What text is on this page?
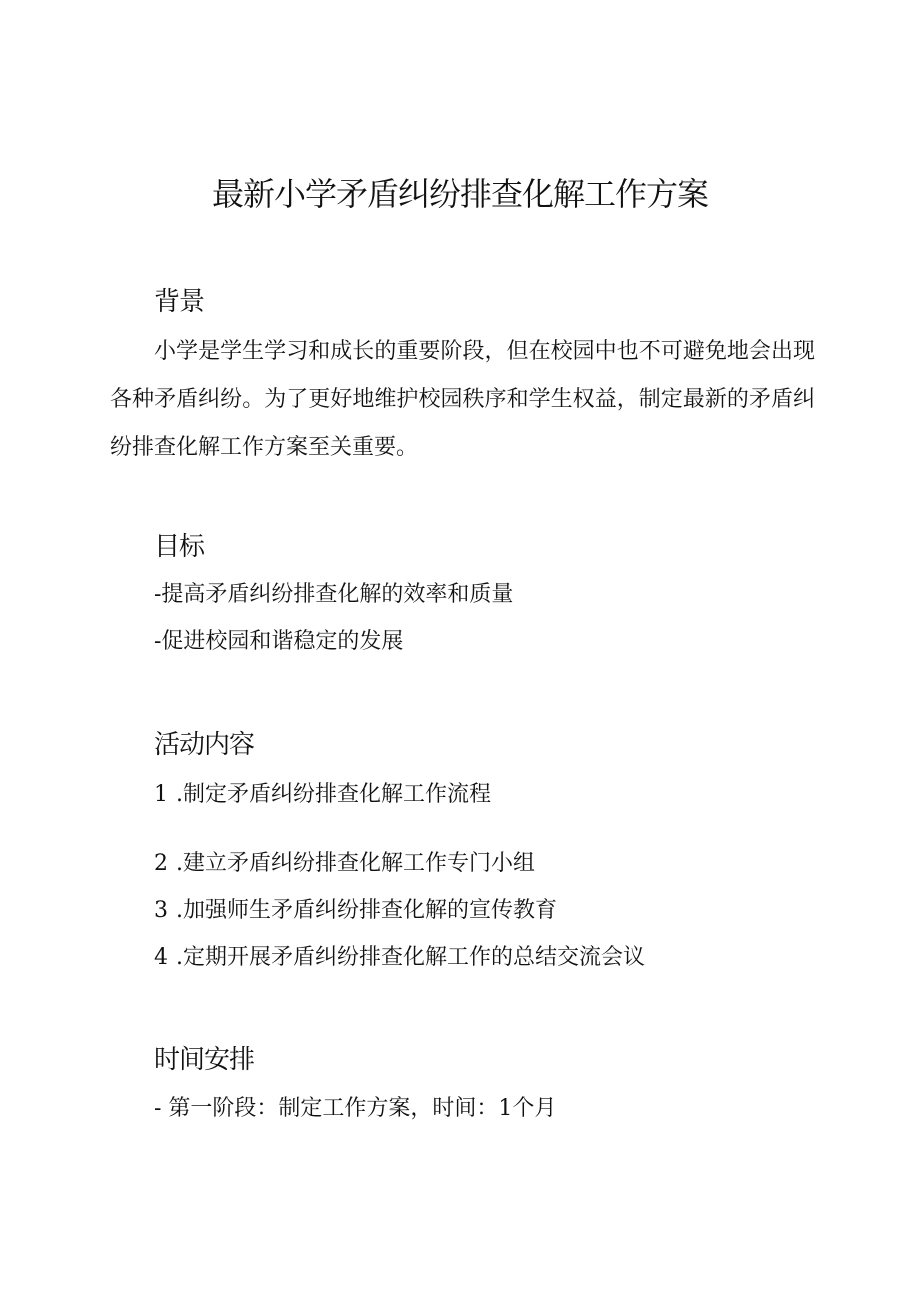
最新小学矛盾纠纷排查化解工作方案
背景
小学是学生学习和成长的重要阶段，但在校园中也不可避免地会出现各种矛盾纠纷。为了更好地维护校园秩序和学生权益，制定最新的矛盾纠纷排查化解工作方案至关重要。
目标
-提高矛盾纠纷排查化解的效率和质量
-促进校园和谐稳定的发展
活动内容
1 .制定矛盾纠纷排查化解工作流程
2 .建立矛盾纠纷排查化解工作专门小组
3 .加强师生矛盾纠纷排查化解的宣传教育
4 .定期开展矛盾纠纷排查化解工作的总结交流会议
时间安排
- 第一阶段：制定工作方案，时间：1个月
